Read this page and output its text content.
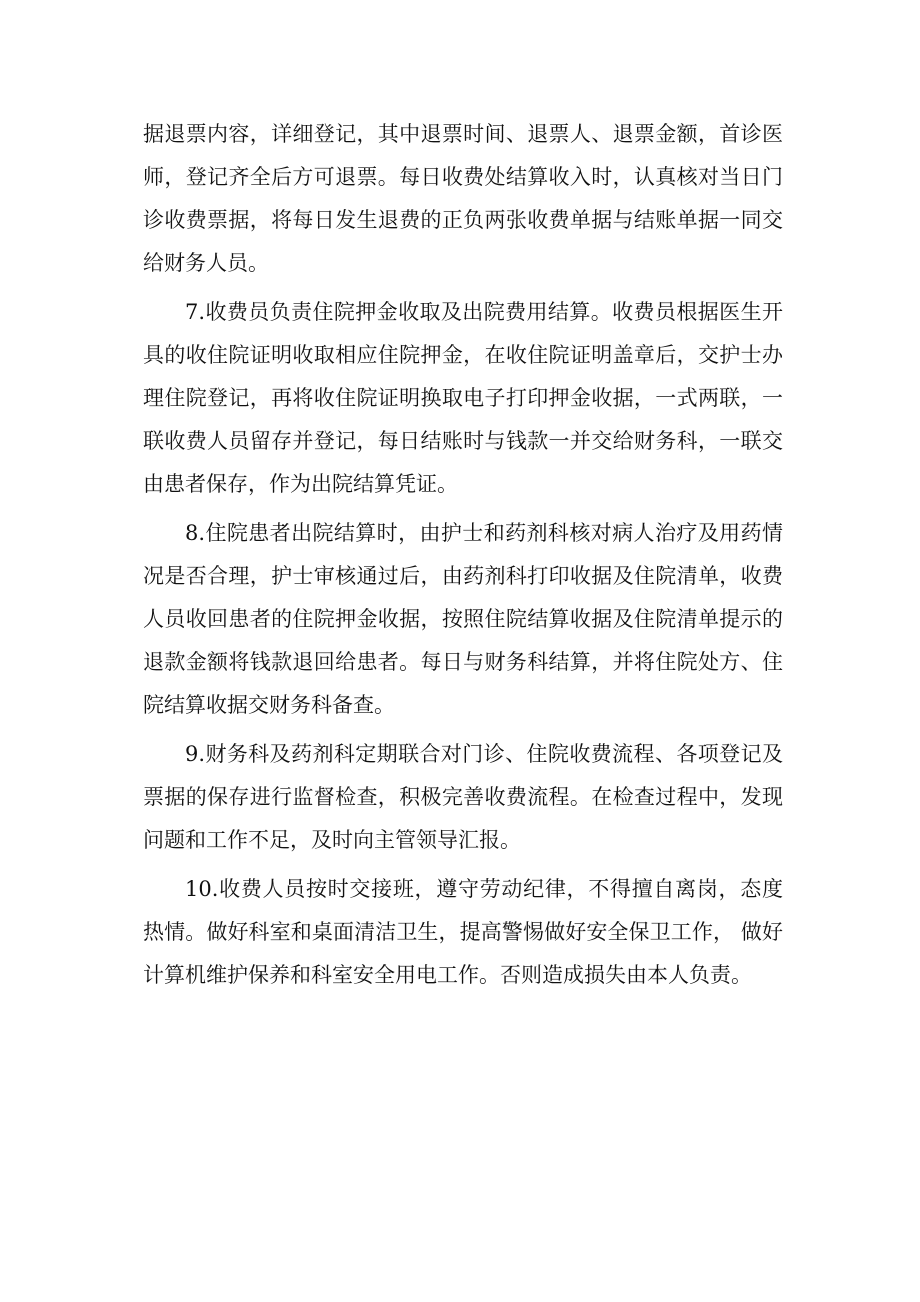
据退票内容，详细登记，其中退票时间、退票人、退票金额，首诊医师，登记齐全后方可退票。每日收费处结算收入时，认真核对当日门诊收费票据，将每日发生退费的正负两张收费单据与结账单据一同交给财务人员。

7.收费员负责住院押金收取及出院费用结算。收费员根据医生开具的收住院证明收取相应住院押金，在收住院证明盖章后，交护士办理住院登记，再将收住院证明换取电子打印押金收据，一式两联，一联收费人员留存并登记，每日结账时与钱款一并交给财务科，一联交由患者保存，作为出院结算凭证。

8.住院患者出院结算时，由护士和药剂科核对病人治疗及用药情况是否合理，护士审核通过后，由药剂科打印收据及住院清单，收费人员收回患者的住院押金收据，按照住院结算收据及住院清单提示的退款金额将钱款退回给患者。每日与财务科结算，并将住院处方、住院结算收据交财务科备查。

9.财务科及药剂科定期联合对门诊、住院收费流程、各项登记及票据的保存进行监督检查，积极完善收费流程。在检查过程中，发现问题和工作不足，及时向主管领导汇报。

10.收费人员按时交接班，遵守劳动纪律，不得擅自离岗，态度热情。做好科室和桌面清洁卫生，提高警惕做好安全保卫工作， 做好计算机维护保养和科室安全用电工作。否则造成损失由本人负责。
